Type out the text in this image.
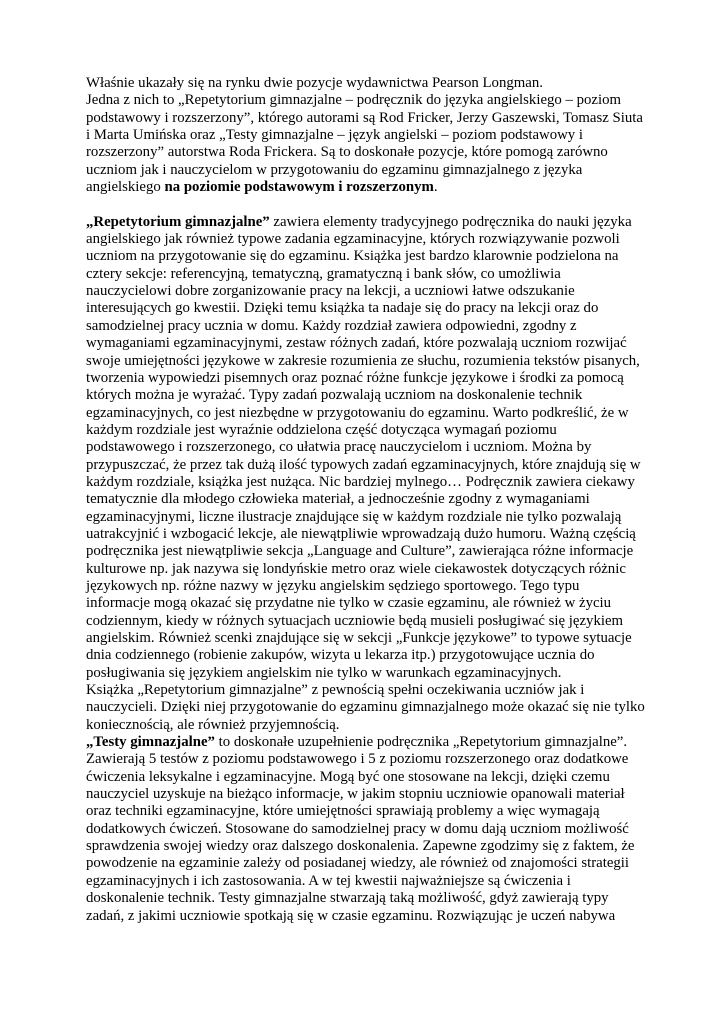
Właśnie ukazały się na rynku dwie pozycje wydawnictwa Pearson Longman.
Jedna z nich to „Repetytorium gimnazjalne – podręcznik do języka angielskiego – poziom
podstawowy i rozszerzony”, którego autorami są Rod Fricker, Jerzy Gaszewski, Tomasz Siuta
i Marta Umińska oraz „Testy gimnazjalne – język angielski – poziom podstawowy i
rozszerzony” autorstwa Roda Frickera. Są to doskonałe pozycje, które pomogą zarówno
uczniom jak i nauczycielom w przygotowaniu do egzaminu gimnazjalnego z języka
angielskiego na poziomie podstawowym i rozszerzonym.

„Repetytorium gimnazjalne” zawiera elementy tradycyjnego podręcznika do nauki języka
angielskiego jak również typowe zadania egzaminacyjne, których rozwiązywanie pozwoli
uczniom na przygotowanie się do egzaminu. Książka jest bardzo klarownie podzielona na
cztery sekcje: referencyjną, tematyczną, gramatyczną i bank słów, co umożliwia
nauczycielowi dobre zorganizowanie pracy na lekcji, a uczniowi łatwe odszukanie
interesujących go kwestii. Dzięki temu książka ta nadaje się do pracy na lekcji oraz do
samodzielnej pracy ucznia w domu. Każdy rozdział zawiera odpowiedni, zgodny z
wymaganiami egzaminacyjnymi, zestaw różnych zadań, które pozwalają uczniom rozwijać
swoje umiejętności językowe w zakresie rozumienia ze słuchu, rozumienia tekstów pisanych,
tworzenia wypowiedzi pisemnych oraz poznać różne funkcje językowe i środki za pomocą
których można je wyrażać. Typy zadań pozwalają uczniom na doskonalenie technik
egzaminacyjnych, co jest niezbędne w przygotowaniu do egzaminu. Warto podkreślić, że w
każdym rozdziale jest wyraźnie oddzielona część dotycząca wymagań poziomu
podstawowego i rozszerzonego, co ułatwia pracę nauczycielom i uczniom. Można by
przypuszczać, że przez tak dużą ilość typowych zadań egzaminacyjnych, które znajdują się w
każdym rozdziale, książka jest nużąca. Nic bardziej mylnego… Podręcznik zawiera ciekawy
tematycznie dla młodego człowieka materiał, a jednocześnie zgodny z wymaganiami
egzaminacyjnymi, liczne ilustracje znajdujące się w każdym rozdziale nie tylko pozwalają
uatrakcyjnić i wzbogacić lekcje, ale niewątpliwie wprowadzają dużo humoru. Ważną częścią
podręcznika jest niewątpliwie sekcja „Language and Culture”, zawierająca różne informacje
kulturowe np. jak nazywa się londyńskie metro oraz wiele ciekawostek dotyczących różnic
językowych np. różne nazwy w języku angielskim sędziego sportowego. Tego typu
informacje mogą okazać się przydatne nie tylko w czasie egzaminu, ale również w życiu
codziennym, kiedy w różnych sytuacjach uczniowie będą musieli posługiwać się językiem
angielskim. Również scenki znajdujące się w sekcji „Funkcje językowe” to typowe sytuacje
dnia codziennego (robienie zakupów, wizyta u lekarza itp.) przygotowujące ucznia do
posługiwania się językiem angielskim nie tylko w warunkach egzaminacyjnych.
Książka „Repetytorium gimnazjalne” z pewnością spełni oczekiwania uczniów jak i
nauczycieli. Dzięki niej przygotowanie do egzaminu gimnazjalnego może okazać się nie tylko
koniecznością, ale również przyjemnością.

„Testy gimnazjalne” to doskonałe uzupełnienie podręcznika „Repetytorium gimnazjalne”.
Zawierają 5 testów z poziomu podstawowego i 5 z poziomu rozszerzonego oraz dodatkowe
ćwiczenia leksykalne i egzaminacyjne. Mogą być one stosowane na lekcji, dzięki czemu
nauczyciel uzyskuje na bieżąco informacje, w jakim stopniu uczniowie opanowali materiał
oraz techniki egzaminacyjne, które umiejętności sprawiają problemy a więc wymagają
dodatkowych ćwiczeń. Stosowane do samodzielnej pracy w domu dają uczniom możliwość
sprawdzenia swojej wiedzy oraz dalszego doskonalenia. Zapewne zgodzimy się z faktem, że
powodzenie na egzaminie zależy od posiadanej wiedzy, ale również od znajomości strategii
egzaminacyjnych i ich zastosowania. A w tej kwestii najważniejsze są ćwiczenia i
doskonalenie technik. Testy gimnazjalne stwarzają taką możliwość, gdyż zawierają typy
zadań, z jakimi uczniowie spotkają się w czasie egzaminu. Rozwiązując je uczeń nabywa
